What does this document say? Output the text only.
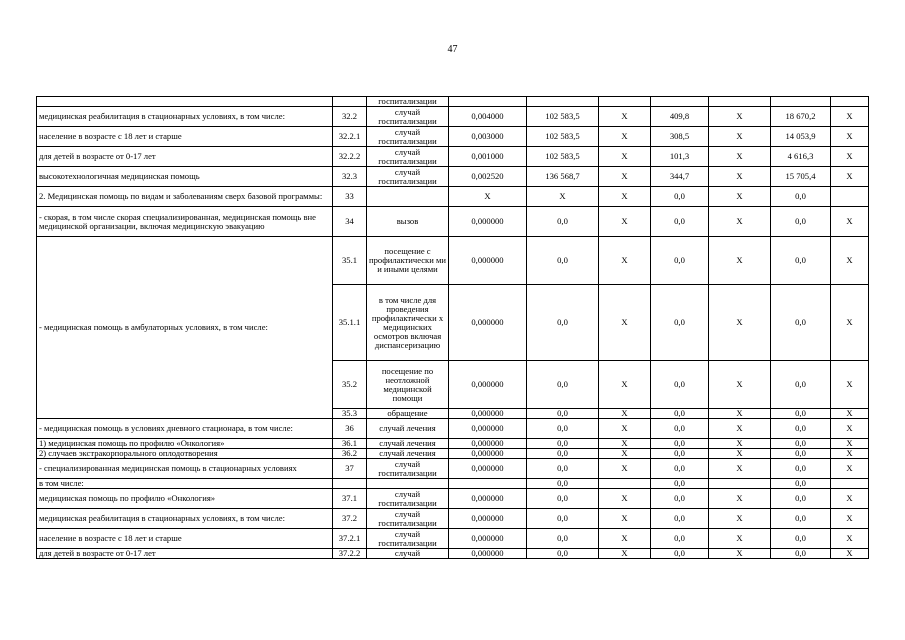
47
		госпитализации							
медицинская реабилитация в стационарных условиях, в том числе:	32.2	случай госпитализации	0,004000	102 583,5	Х	409,8	Х	18 670,2	Х
население в возрасте с 18 лет и старше	32.2.1	случай госпитализации	0,003000	102 583,5	Х	308,5	Х	14 053,9	Х
для детей в возрасте от 0-17 лет	32.2.2	случай госпитализации	0,001000	102 583,5	Х	101,3	Х	4 616,3	Х
высокотехнологичная медицинская помощь	32.3	случай госпитализации	0,002520	136 568,7	Х	344,7	Х	15 705,4	Х
2. Медицинская помощь по видам и заболеваниям сверх базовой программы:	33		Х	Х	Х	0,0	Х	0,0	
- скорая, в том числе скорая специализированная, медицинская помощь вне медицинской организации, включая медицинскую эвакуацию	34	вызов	0,000000	0,0	Х	0,0	Х	0,0	Х
- медицинская помощь в амбулаторных условиях, в том числе:	35.1	посещение с профилактически ми и иными целями	0,000000	0,0	Х	0,0	Х	0,0	Х
	35.1.1	в том числе для проведения профилактически х медицинских осмотров включая диспансеризацию	0,000000	0,0	Х	0,0	Х	0,0	Х
	35.2	посещение по неотложной медицинской помощи	0,000000	0,0	Х	0,0	Х	0,0	Х
	35.3	обращение	0,000000	0,0	Х	0,0	Х	0,0	Х
- медицинская помощь в условиях дневного стационара, в том числе:	36	случай лечения	0,000000	0,0	Х	0,0	Х	0,0	Х
1) медицинская помощь по профилю «Онкология»	36.1	случай лечения	0,000000	0,0	Х	0,0	Х	0,0	Х
2) случаев экстракорпорального оплодотворения	36.2	случай лечения	0,000000	0,0	Х	0,0	Х	0,0	Х
- специализированная медицинская помощь в стационарных условиях	37	случай госпитализации	0,000000	0,0	Х	0,0	Х	0,0	Х
в том числе:				0,0		0,0		0,0	
медицинская помощь по профилю «Онкология»	37.1	случай госпитализации	0,000000	0,0	Х	0,0	Х	0,0	Х
медицинская реабилитация в стационарных условиях, в том числе:	37.2	случай госпитализации	0,000000	0,0	Х	0,0	Х	0,0	Х
население в возрасте с 18 лет и старше	37.2.1	случай госпитализации	0,000000	0,0	Х	0,0	Х	0,0	Х
для детей в возрасте от 0-17 лет	37.2.2	случай	0,000000	0,0	Х	0,0	Х	0,0	Х
